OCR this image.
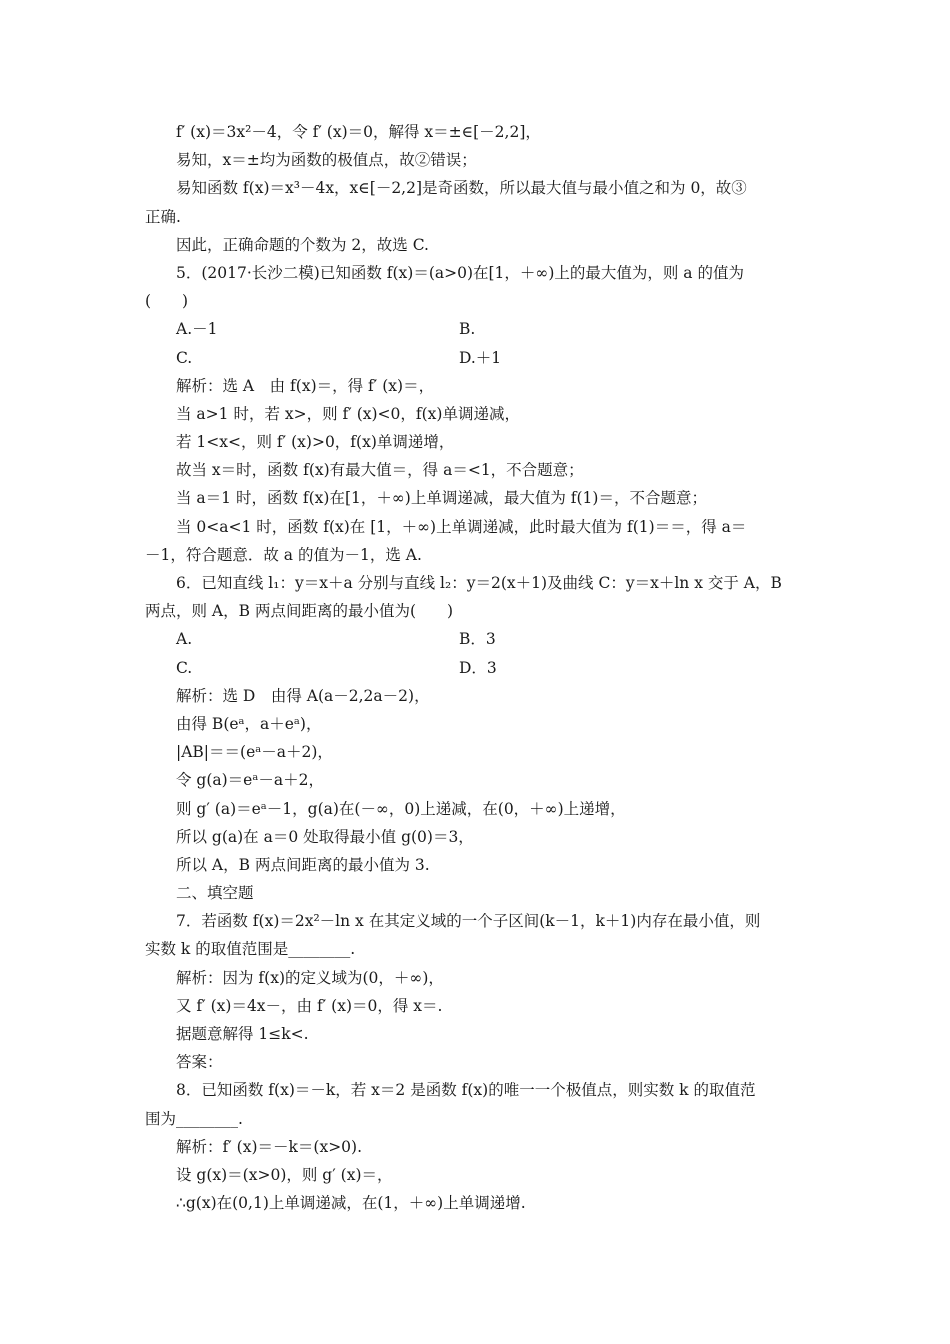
f′ (x)＝3x²－4，令 f′ (x)＝0，解得 x＝±∈[－2,2]，
易知，x＝±均为函数的极值点，故②错误；
易知函数 f(x)＝x³－4x，x∈[－2,2]是奇函数，所以最大值与最小值之和为 0，故③
正确.
因此，正确命题的个数为 2，故选 C.
5．(2017·长沙二模)已知函数 f(x)＝(a>0)在[1，＋∞)上的最大值为，则 a 的值为
(　　)
A.－1	B.
C.	D.＋1
解析：选 A　由 f(x)＝，得 f′ (x)＝，
当 a>1 时，若 x>，则 f′ (x)<0，f(x)单调递减，
若 1<x<，则 f′ (x)>0，f(x)单调递增，
故当 x＝时，函数 f(x)有最大值＝，得 a＝<1，不合题意；
当 a＝1 时，函数 f(x)在[1，＋∞)上单调递减，最大值为 f(1)＝，不合题意；
当 0<a<1 时，函数 f(x)在 [1，＋∞)上单调递减，此时最大值为 f(1)＝＝，得 a＝
－1，符合题意．故 a 的值为－1，选 A.
6．已知直线 l₁：y＝x＋a 分别与直线 l₂：y＝2(x＋1)及曲线 C：y＝x＋ln x 交于 A，B
两点，则 A，B 两点间距离的最小值为(　　)
A.	B．3
C.	D．3
解析：选 D　由得 A(a－2,2a－2)，
由得 B(eᵃ，a＋eᵃ)，
|AB|＝＝(eᵃ－a＋2)，
令 g(a)＝eᵃ－a＋2，
则 g′ (a)＝eᵃ－1，g(a)在(－∞，0)上递减，在(0，＋∞)上递增，
所以 g(a)在 a＝0 处取得最小值 g(0)＝3，
所以 A，B 两点间距离的最小值为 3.
二、填空题
7．若函数 f(x)＝2x²－ln x 在其定义域的一个子区间(k－1，k＋1)内存在最小值，则
实数 k 的取值范围是________.
解析：因为 f(x)的定义域为(0，＋∞)，
又 f′ (x)＝4x－，由 f′ (x)＝0，得 x＝.
据题意解得 1≤k<.
答案：
8．已知函数 f(x)＝－k，若 x＝2 是函数 f(x)的唯一一个极值点，则实数 k 的取值范
围为________.
解析：f′ (x)＝－k＝(x>0).
设 g(x)＝(x>0)，则 g′ (x)＝，
∴g(x)在(0,1)上单调递减，在(1，＋∞)上单调递增.
